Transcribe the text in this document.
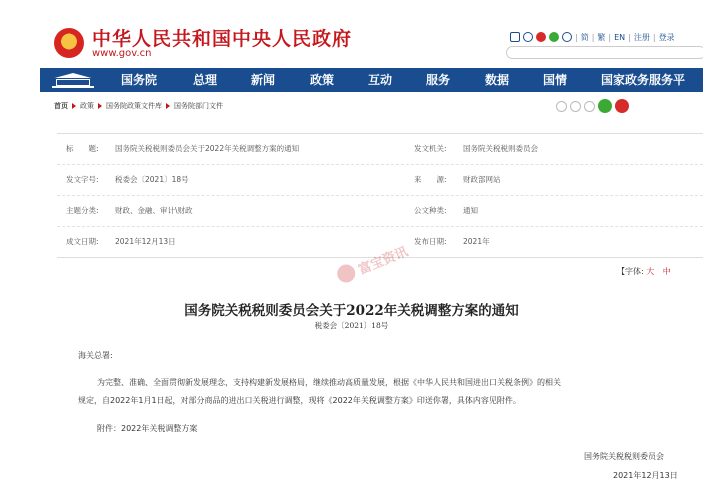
中华人民共和国中央人民政府
www.gov.cn
| 简 | 繁 | EN | 注册 | 登录
国务院	总理	新闻	政策	互动	服务	数据	国情	国家政务服务平
首页 政策 国务院政策文件库 国务院部门文件
标　　题: 国务院关税税则委员会关于2022年关税调整方案的通知	发文机关: 国务院关税税则委员会
发文字号: 税委会〔2021〕18号	来　　源: 财政部网站
主题分类: 财政、金融、审计\财政	公文种类: 通知
成文日期: 2021年12月13日	发布日期: 2021年
富宝资讯	【字体: 大 中
国务院关税税则委员会关于2022年关税调整方案的通知
税委会〔2021〕18号
海关总署:
为完整、准确、全面贯彻新发展理念，支持构建新发展格局，继续推动高质量发展，根据《中华人民共和国进出口关税条例》的相关
规定，自2022年1月1日起，对部分商品的进出口关税进行调整，现将《2022年关税调整方案》印送你署，具体内容见附件。
附件：2022年关税调整方案
国务院关税税则委员会
2021年12月13日
